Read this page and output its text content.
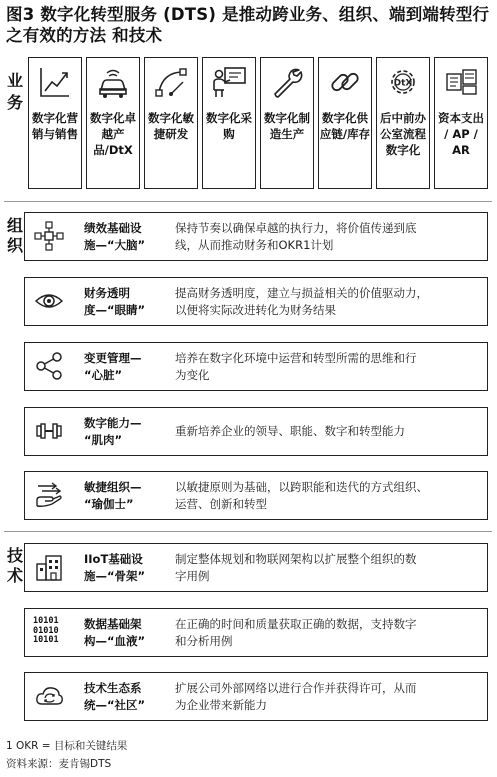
图3 数字化转型服务 (DTS) 是推动跨业务、组织、端到端转型行之有效的方法 和技术
业务
数字化营销与销售
数字化卓越产品/DtX
数字化敏捷研发
数字化采购
数字化制造生产
数字化供应链/库存
DtX
后中前办公室流程数字化
资本支出 / AP / AR
组织
绩效基础设
施—“大脑”
保持节奏以确保卓越的执行力，将价值传递到底
线，从而推动财务和OKR1计划
财务透明
度—“眼睛”
提高财务透明度，建立与损益相关的价值驱动力，
以便将实际改进转化为财务结果
变更管理—
“心脏”
培养在数字化环境中运营和转型所需的思维和行
为变化
数字能力—
“肌肉”
重新培养企业的领导、职能、数字和转型能力
敏捷组织—
“瑜伽士”
以敏捷原则为基础，以跨职能和迭代的方式组织、
运营、创新和转型
技术
IIoT基础设
施—“骨架”
制定整体规划和物联网架构以扩展整个组织的数
字用例
10101
01010
10101
数据基础架
构—“血液”
在正确的时间和质量获取正确的数据，支持数字
和分析用例
技术生态系
统—“社区”
扩展公司外部网络以进行合作并获得许可，从而
为企业带来新能力
1 OKR = 目标和关键结果
资料来源：麦肯锡DTS
